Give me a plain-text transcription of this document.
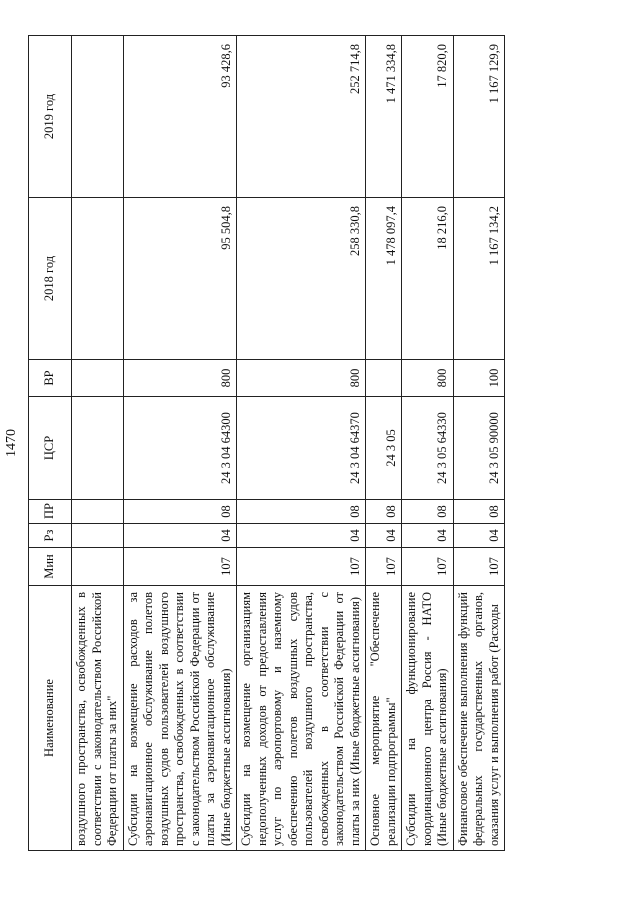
1470
Наименование	Мин	Рз	ПР	ЦСР	ВР	2018 год	2019 год
воздушного пространства, освобожденных в соответствии с законодательством Российской Федерации от платы за них"							
Субсидии на возмещение расходов за аэронавигационное обслуживание полетов воздушных судов пользователей воздушного пространства, освобожденных в соответствии с законодательством Российской Федерации от платы за аэронавигационное обслуживание (Иные бюджетные ассигнования)	107	04	08	24 3 04 64300	800	95 504,8	93 428,6
Субсидии на возмещение организациям недополученных доходов от предоставления услуг по аэропортовому и наземному обеспечению полетов воздушных судов пользователей воздушного пространства, освобожденных в соответствии с законодательством Российской Федерации от платы за них (Иные бюджетные ассигнования)	107	04	08	24 3 04 64370	800	258 330,8	252 714,8
Основное мероприятие "Обеспечение реализации подпрограммы"	107	04	08	24 3 05		1 478 097,4	1 471 334,8
Субсидии на функционирование координационного центра Россия - НАТО (Иные бюджетные ассигнования)	107	04	08	24 3 05 64330	800	18 216,0	17 820,0
Финансовое обеспечение выполнения функций федеральных государственных органов, оказания услуг и выполнения работ (Расходы	107	04	08	24 3 05 90000	100	1 167 134,2	1 167 129,9
